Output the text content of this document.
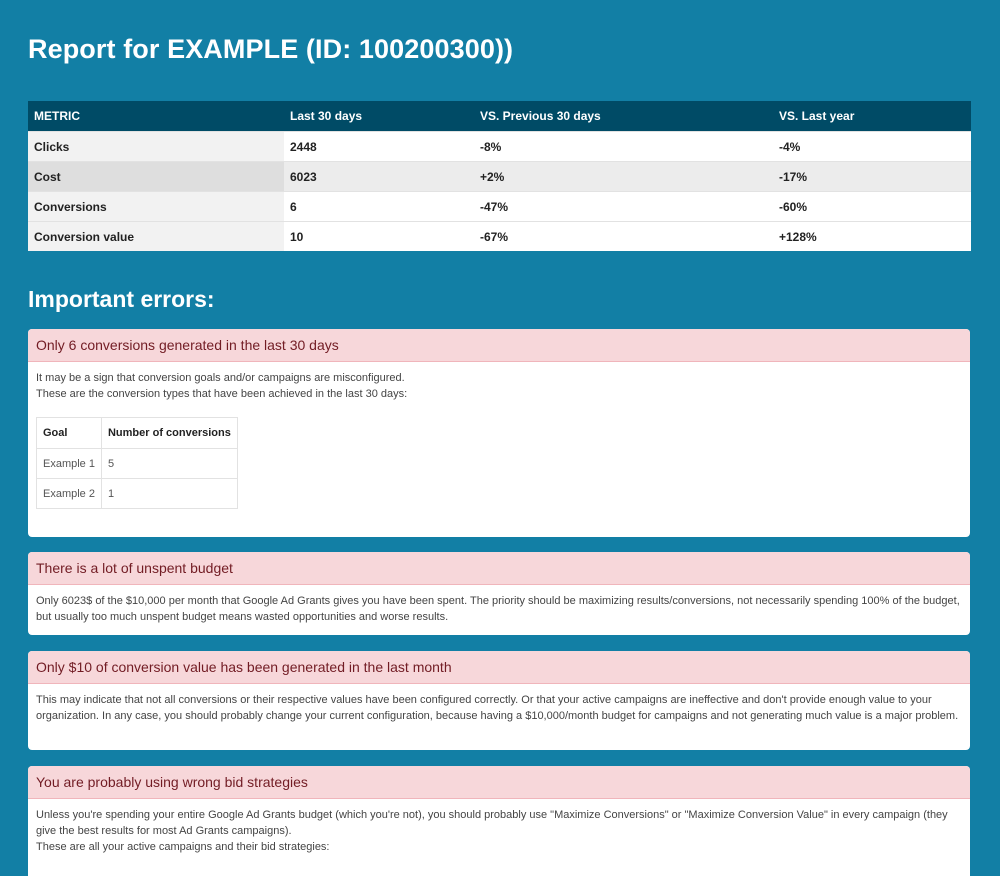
Report for EXAMPLE (ID: 100200300))
METRIC	Last 30 days	VS. Previous 30 days	VS. Last year
Clicks	2448	-8%	-4%
Cost	6023	+2%	-17%
Conversions	6	-47%	-60%
Conversion value	10	-67%	+128%
Important errors:
Only 6 conversions generated in the last 30 days

It may be a sign that conversion goals and/or campaigns are misconfigured.

These are the conversion types that have been achieved in the last 30 days:

Goal	Number of conversions
Example 1	5
Example 2	1
There is a lot of unspent budget

Only 6023$ of the $10,000 per month that Google Ad Grants gives you have been spent. The priority should be maximizing results/conversions, not necessarily spending 100% of the budget, but usually too much unspent budget means wasted opportunities and worse results.

Only $10 of conversion value has been generated in the last month

This may indicate that not all conversions or their respective values have been configured correctly. Or that your active campaigns are ineffective and don't provide enough value to your organization. In any case, you should probably change your current configuration, because having a $10,000/month budget for campaigns and not generating much value is a major problem.

You are probably using wrong bid strategies

Unless you're spending your entire Google Ad Grants budget (which you're not), you should probably use "Maximize Conversions" or "Maximize Conversion Value" in every campaign (they give the best results for most Ad Grants campaigns).

These are all your active campaigns and their bid strategies:
